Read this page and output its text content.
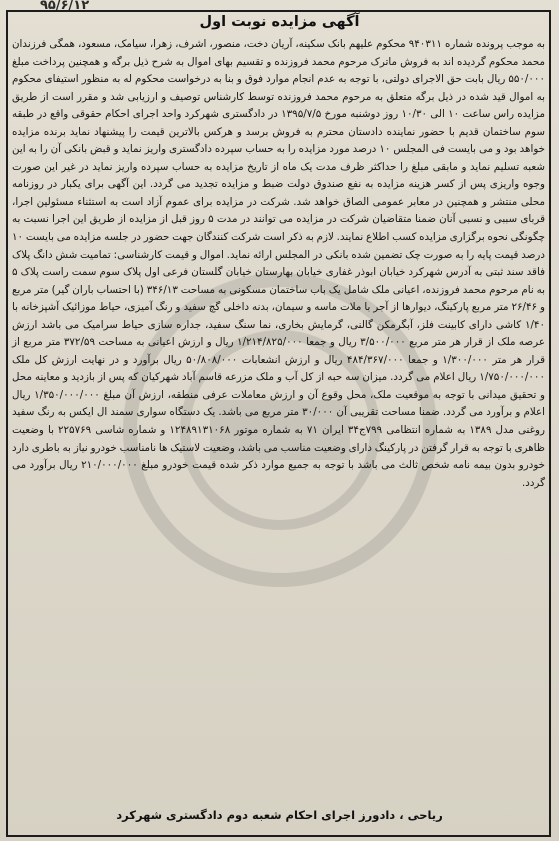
۹۵/۶/۱۲
آگهی مزایده نوبت اول

به موجب پرونده شماره ۹۴۰۳۱۱ محکوم علیهم بانک سکینه، آریان دخت، منصور، اشرف، زهرا، سیامک، مسعود، همگی فرزندان محمد محکوم گردیده اند به فروش ماترک مرحوم محمد فروزنده و تقسیم بهای اموال به شرح ذیل برگه و همچنین پرداخت مبلغ ۵۵۰/۰۰۰ ریال بابت حق الاجرای دولتی، با توجه به عدم انجام موارد فوق و بنا به درخواست محکوم له به منظور استیفای محکوم به اموال قید شده در ذیل برگه متعلق به مرحوم محمد فروزنده توسط کارشناس توصیف و ارزیابی شد و مقرر است از طریق مزایده راس ساعت ۱۰ الی ۱۰/۳۰ روز دوشنبه مورخ ۱۳۹۵/۷/۵ در دادگستری شهرکرد واحد اجرای احکام حقوقی واقع در طبقه سوم ساختمان قدیم با حضور نماینده دادستان محترم به فروش برسد و هرکس بالاترین قیمت را پیشنهاد نماید برنده مزایده خواهد بود و می بایست فی المجلس ۱۰ درصد مورد مزایده را به حساب سپرده دادگستری واریز نماید و قبض بانکی آن را به این شعبه تسلیم نماید و مابقی مبلغ را حداکثر ظرف مدت یک ماه از تاریخ مزایده به حساب سپرده واریز نماید در غیر این صورت وجوه واریزی پس از کسر هزینه مزایده به نفع صندوق دولت ضبط و مزایده تجدید می گردد. این آگهی برای یکبار در روزنامه محلی منتشر و همچنین در معابر عمومی الصاق خواهد شد. شرکت در مزایده برای عموم آزاد است به استثناء مسئولین اجرا، قربای سببی و نسبی آنان ضمنا متقاضیان شرکت در مزایده می توانند در مدت ۵ روز قبل از مزایده از طریق این اجرا نسبت به چگونگی نحوه برگزاری مزایده کسب اطلاع نمایند. لازم به ذکر است شرکت کنندگان جهت حضور در جلسه مزایده می بایست ۱۰ درصد قیمت پایه را به صورت چک تضمین شده بانکی در المجلس ارائه نماید. اموال و قیمت کارشناسی: تمامیت شش دانگ پلاک فاقد سند ثبتی به آدرس شهرکرد خیابان ابوذر غفاری خیابان بهارستان خیابان گلستان فرعی اول پلاک سوم سمت راست پلاک ۵ به نام مرحوم محمد فروزنده، اعیانی ملک شامل یک باب ساختمان مسکونی به مساحت ۳۴۶/۱۳ (با احتساب باران گیر) متر مربع و ۲۶/۴۶ متر مربع پارکینگ، دیوارها از آجر با ملات ماسه و سیمان، بدنه داخلی گچ سفید و رنگ آمیزی، حیاط موزائیک آشپزخانه با ۱/۴۰ کاشی دارای کابینت فلز، آبگرمکن گالنی، گرمایش بخاری، نما سنگ سفید، جداره سازی حیاط سرامیک می باشد ارزش عرصه ملک از قرار هر متر مربع ۳/۵۰۰/۰۰۰ ریال و جمعا ۱/۲۱۴/۸۲۵/۰۰۰ ریال و ارزش اعیانی به مساحت ۳۷۲/۵۹ متر مربع از قرار هر متر ۱/۳۰۰/۰۰۰ و جمعا ۴۸۴/۳۶۷/۰۰۰ ریال و ارزش انشعابات ۵۰/۸۰۸/۰۰۰ ریال برآورد و در نهایت ارزش کل ملک ۱/۷۵۰/۰۰۰/۰۰۰ ریال اعلام می گردد. میزان سه حبه از کل آب و ملک مزرعه قاسم آباد شهرکیان که پس از بازدید و معاینه محل و تحقیق میدانی با توجه به موقعیت ملک، محل وقوع آن و ارزش معاملات عرفی منطقه، ارزش آن مبلغ ۱/۳۵۰/۰۰۰/۰۰۰ ریال اعلام و برآورد می گردد. ضمنا مساحت تقریبی آن ۳۰/۰۰۰ متر مربع می باشد. یک دستگاه سواری سمند ال ایکس به رنگ سفید روغنی مدل ۱۳۸۹ به شماره انتظامی ۷۹۹ج۳۴ ایران ۷۱ به شماره موتور ۱۲۴۸۹۱۳۱۰۶۸ و شماره شاسی ۲۲۵۷۶۹ با وضعیت ظاهری با توجه به قرار گرفتن در پارکینگ دارای وضعیت مناسب می باشد، وضعیت لاستیک ها نامناسب خودرو نیاز به باطری دارد خودرو بدون بیمه نامه شخص ثالث می باشد با توجه به جمیع موارد ذکر شده قیمت خودرو مبلغ ۲۱۰/۰۰۰/۰۰۰ ریال برآورد می گردد.

ریاحی ، دادورز اجرای احکام شعبه دوم دادگستری شهرکرد
